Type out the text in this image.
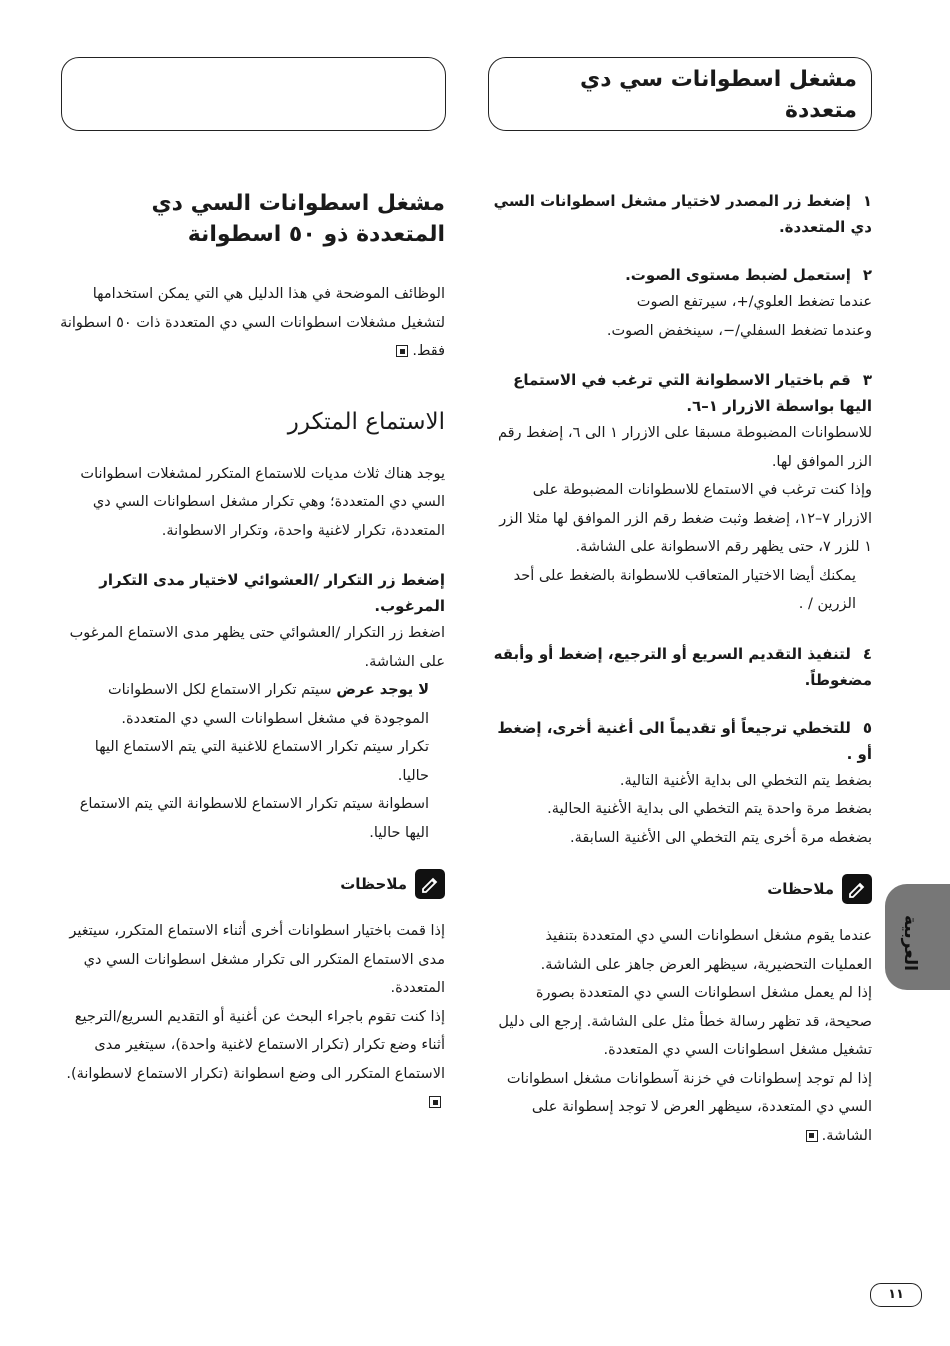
مشغل اسطوانات سي دي متعددة

١إضغط زر المصدر لاختيار مشغل اسطوانات السي دي المتعددة.

٢إستعمل لضبط مستوى الصوت.

عندما تضغط العلوي/+، سيرتفع الصوت

وعندما تضغط السفلي/−، سينخفض الصوت.

٣قم باختيار الاسطوانة التي ترغب في الاستماع اليها بواسطة الازرار ١–٦.

للاسطوانات المضبوطة مسبقا على الازرار ١ الى ٦، إضغط رقم الزر الموافق لها.

وإذا كنت ترغب في الاستماع للاسطوانات المضبوطة على الازرار ٧–١٢، إضغط وثبت ضغط رقم الزر الموافق لها مثلا الزر ١ للزر ٧، حتى يظهر رقم الاسطوانة على الشاشة.

يمكنك أيضا الاختيار المتعاقب للاسطوانة بالضغط على أحد الزرين / .

٤لتنفيذ التقديم السريع أو الترجيع، إضغط أو وأبقه مضغوطاً.

٥للتخطي ترجيعاً أو تقديماً الى أغنية أخرى، إضغط أو .

بضغط يتم التخطي الى بداية الأغنية التالية.

بضغط مرة واحدة يتم التخطي الى بداية الأغنية الحالية.

بضغطه مرة أخرى يتم التخطي الى الأغنية السابقة.

ملاحظات

عندما يقوم مشغل اسطوانات السي دي المتعددة بتنفيذ العمليات التحضيرية، سيظهر العرض جاهز على الشاشة.

إذا لم يعمل مشغل اسطوانات السي دي المتعددة بصورة صحيحة، قد تظهر رسالة خطأ مثل على الشاشة. إرجع الى دليل تشغيل مشغل اسطوانات السي دي المتعددة.

إذا لم توجد إسطوانات في خزنة آسطوانات مشغل اسطوانات السي دي المتعددة، سيظهر العرض لا توجد إسطوانة على الشاشة.

مشغل اسطوانات السي دي المتعددة ذو ٥٠ اسطوانة

الوظائف الموضحة في هذا الدليل هي التي يمكن استخدامها لتشغيل مشغلات اسطوانات السي دي المتعددة ذات ٥٠ اسطوانة فقط.

الاستماع المتكرر

يوجد هناك ثلاث مديات للاستماع المتكرر لمشغلات اسطوانات السي دي المتعددة؛ وهي تكرار مشغل اسطوانات السي دي المتعددة، تكرار لاغنية واحدة، وتكرار الاسطوانة.

إضغط زر التكرار /العشوائي لاختيار مدى التكرار المرغوب.

اضغط زر التكرار /العشوائي حتى يظهر مدى الاستماع المرغوب على الشاشة.

لا يوجد عرض سيتم تكرار الاستماع لكل الاسطوانات الموجودة في مشغل اسطوانات السي دي المتعددة.

تكرار سيتم تكرار الاستماع للاغنية التي يتم الاستماع اليها حاليا.

اسطوانة سيتم تكرار الاستماع للاسطوانة التي يتم الاستماع اليها حاليا.

ملاحظات

إذا قمت باختيار اسطوانات أخرى أثناء الاستماع المتكرر، سيتغير مدى الاستماع المتكرر الى تكرار مشغل اسطوانات السي دي المتعددة.

إذا كنت تقوم باجراء البحث عن أغنية أو التقديم السريع/الترجيع أثناء وضع تكرار (تكرار الاستماع لاغنية واحدة)، سيتغير مدى الاستماع المتكرر الى وضع اسطوانة (تكرار الاستماع لاسطوانة).

العربية
١١
